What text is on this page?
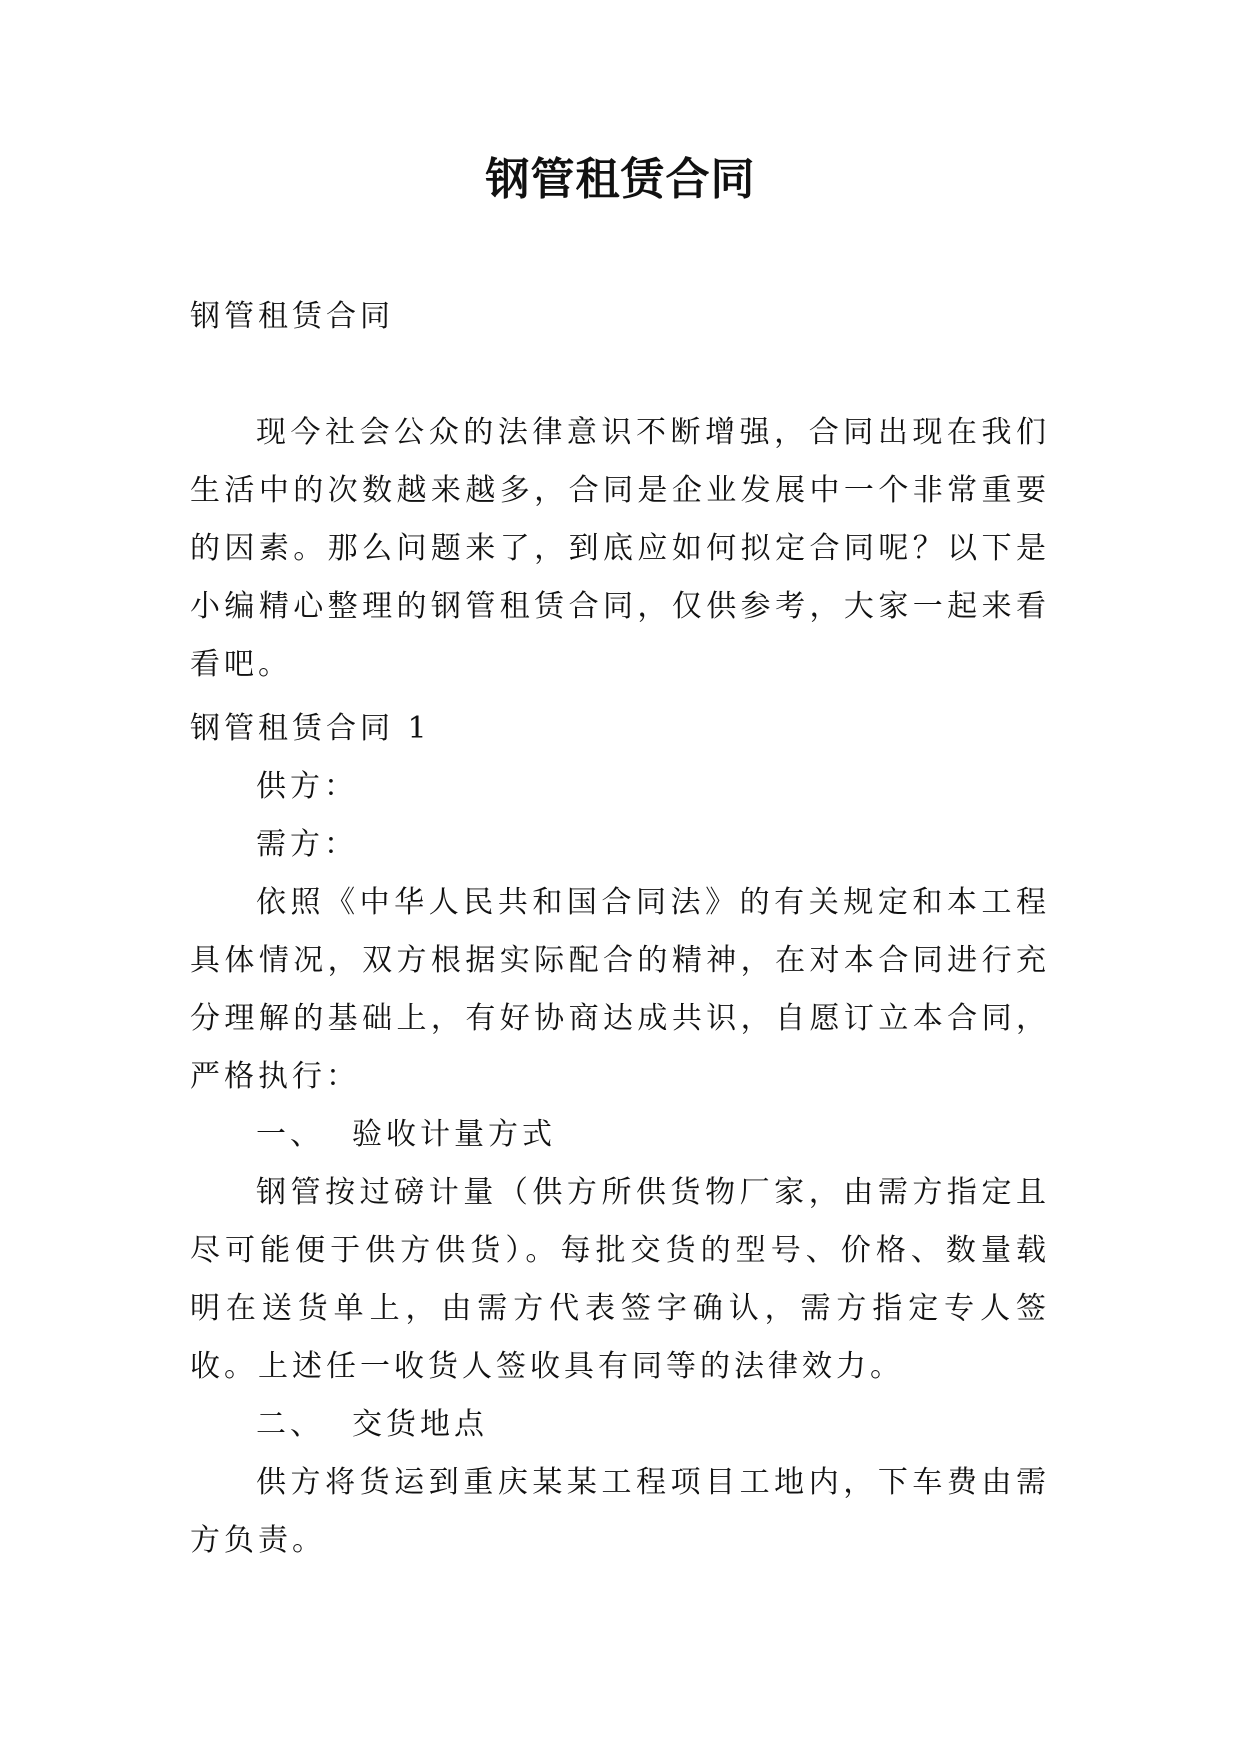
钢管租赁合同

钢管租赁合同

现今社会公众的法律意识不断增强，合同出现在我们生活中的次数越来越多，合同是企业发展中一个非常重要的因素。那么问题来了，到底应如何拟定合同呢？以下是小编精心整理的钢管租赁合同，仅供参考，大家一起来看看吧。

钢管租赁合同 1

供方：

需方：

依照《中华人民共和国合同法》的有关规定和本工程具体情况，双方根据实际配合的精神，在对本合同进行充分理解的基础上，有好协商达成共识，自愿订立本合同，严格执行：

一、 验收计量方式

钢管按过磅计量（供方所供货物厂家，由需方指定且尽可能便于供方供货）。每批交货的型号、价格、数量载明在送货单上，由需方代表签字确认，需方指定专人签收。上述任一收货人签收具有同等的法律效力。

二、 交货地点

供方将货运到重庆某某工程项目工地内，下车费由需方负责。
